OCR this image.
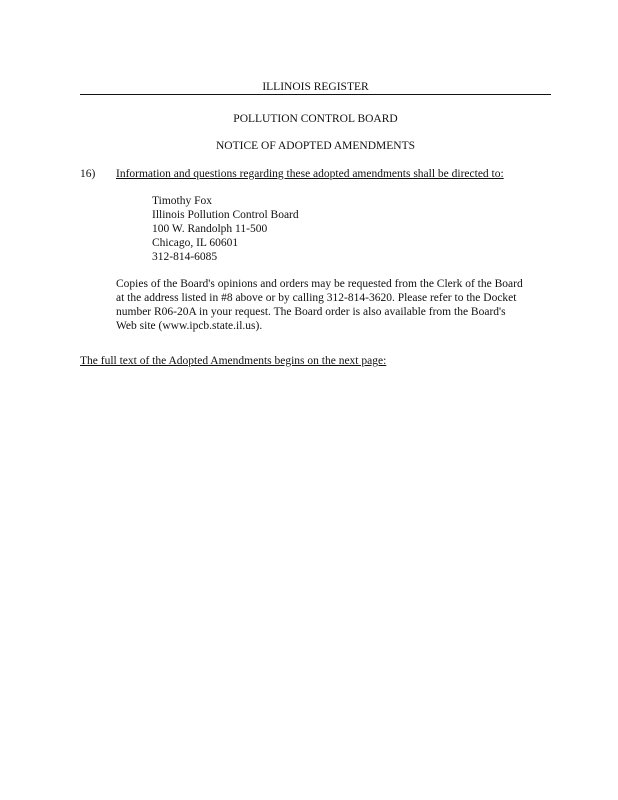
ILLINOIS REGISTER
POLLUTION CONTROL BOARD
NOTICE OF ADOPTED AMENDMENTS
16) Information and questions regarding these adopted amendments shall be directed to:
Timothy Fox
Illinois Pollution Control Board
100 W. Randolph 11-500
Chicago, IL 60601
312-814-6085
Copies of the Board's opinions and orders may be requested from the Clerk of the Board
at the address listed in #8 above or by calling 312-814-3620. Please refer to the Docket
number R06-20A in your request. The Board order is also available from the Board's
Web site (www.ipcb.state.il.us).
The full text of the Adopted Amendments begins on the next page:
